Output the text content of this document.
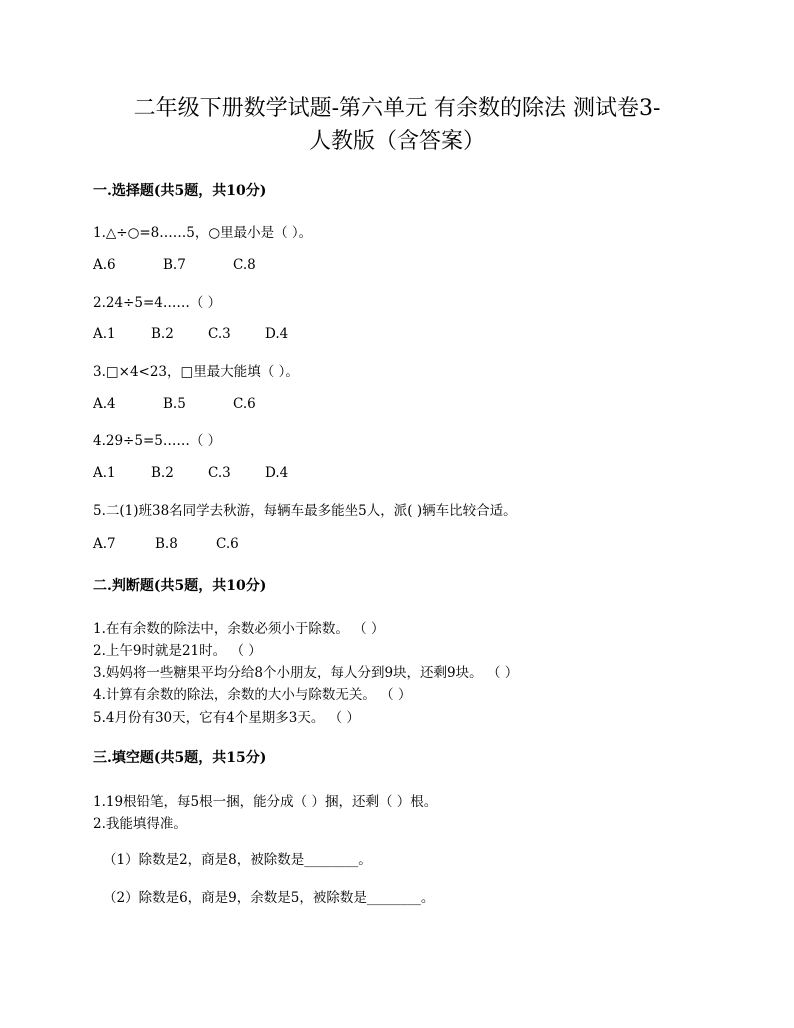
二年级下册数学试题-第六单元 有余数的除法 测试卷3-
人教版（含答案）
一.选择题(共5题，共10分)
1.△÷○=8……5，○里最小是（ ）。
A.6	B.7	C.8
2.24÷5=4……（ ）
A.1	B.2	C.3	D.4
3.□×4<23，□里最大能填（ ）。
A.4	B.5	C.6
4.29÷5=5……（ ）
A.1	B.2	C.3	D.4
5.二(1)班38名同学去秋游，每辆车最多能坐5人，派( )辆车比较合适。
A.7	B.8	C.6
二.判断题(共5题，共10分)
1.在有余数的除法中，余数必须小于除数。 （ ）
2.上午9时就是21时。 （ ）
3.妈妈将一些糖果平均分给8个小朋友，每人分到9块，还剩9块。 （ ）
4.计算有余数的除法，余数的大小与除数无关。 （ ）
5.4月份有30天，它有4个星期多3天。 （ ）
三.填空题(共5题，共15分)
1.19根铅笔，每5根一捆，能分成（ ）捆，还剩（ ）根。
2.我能填得准。
（1）除数是2，商是8，被除数是________。
（2）除数是6，商是9，余数是5，被除数是________。
